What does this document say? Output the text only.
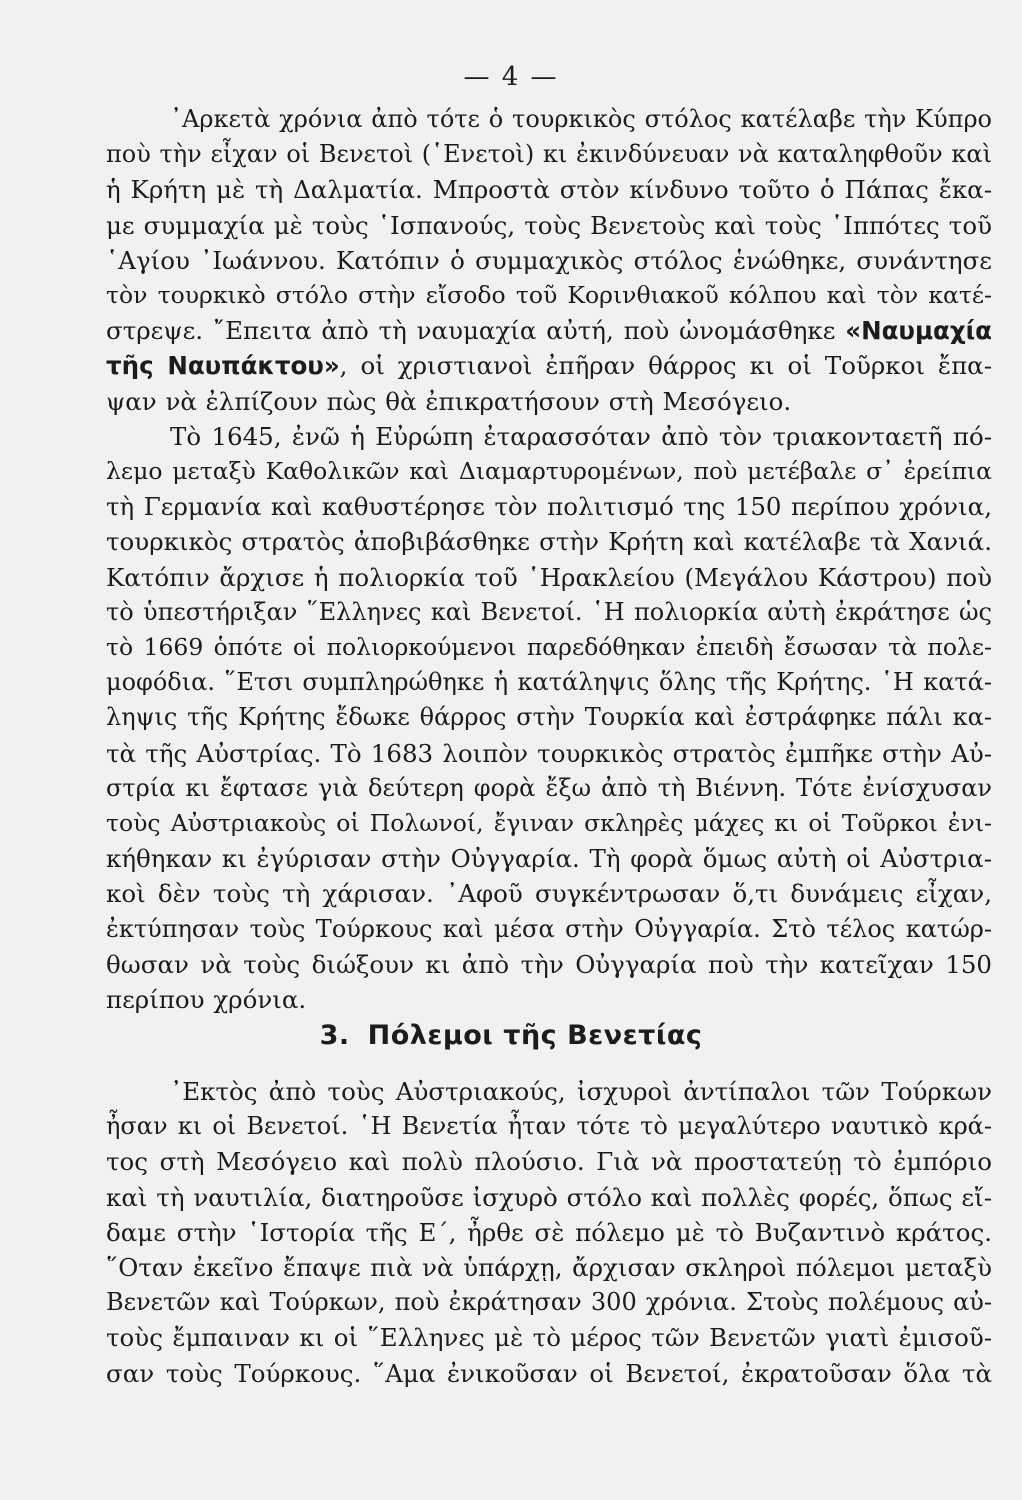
— 4 —
᾿Αρκετὰ χρόνια ἀπὸ τότε ὁ τουρκικὸς στόλος κατέλαβε τὴν Κύπρο
ποὺ τὴν εἶχαν οἱ Βενετοὶ (῾Ενετοὶ) κι ἐκινδύνευαν νὰ καταληφθοῦν καὶ
ἡ Κρήτη μὲ τὴ Δαλματία. Μπροστὰ στὸν κίνδυνο τοῦτο ὁ Πάπας ἔκα-
με συμμαχία μὲ τοὺς ῾Ισπανούς, τοὺς Βενετοὺς καὶ τοὺς ῾Ιππότες τοῦ
῾Αγίου ᾿Ιωάννου. Κατόπιν ὁ συμμαχικὸς στόλος ἑνώθηκε, συνάντησε
τὸν τουρκικὸ στόλο στὴν εἴσοδο τοῦ Κορινθιακοῦ κόλπου καὶ τὸν κατέ-
στρεψε. ῎Επειτα ἀπὸ τὴ ναυμαχία αὐτή, ποὺ ὠνομάσθηκε «Ναυμαχία
τῆς Ναυπάκτου», οἱ χριστιανοὶ ἐπῆραν θάρρος κι οἱ Τοῦρκοι ἔπα-
ψαν νὰ ἐλπίζουν πὼς θὰ ἐπικρατήσουν στὴ Μεσόγειο.
Τὸ 1645, ἐνῶ ἡ Εὐρώπη ἐταρασσόταν ἀπὸ τὸν τριακονταετῆ πό-
λεμο μεταξὺ Καθολικῶν καὶ Διαμαρτυρομένων, ποὺ μετέβαλε σ᾿ ἐρείπια
τὴ Γερμανία καὶ καθυστέρησε τὸν πολιτισμό της 150 περίπου χρόνια,
τουρκικὸς στρατὸς ἀποβιβάσθηκε στὴν Κρήτη καὶ κατέλαβε τὰ Χανιά.
Κατόπιν ἄρχισε ἡ πολιορκία τοῦ ῾Ηρακλείου (Μεγάλου Κάστρου) ποὺ
τὸ ὑπεστήριξαν ῞Ελληνες καὶ Βενετοί. ῾Η πολιορκία αὐτὴ ἐκράτησε ὡς
τὸ 1669 ὁπότε οἱ πολιορκούμενοι παρεδόθηκαν ἐπειδὴ ἔσωσαν τὰ πολε-
μοφόδια. ῞Ετσι συμπληρώθηκε ἡ κατάληψις ὅλης τῆς Κρήτης. ῾Η κατά-
ληψις τῆς Κρήτης ἔδωκε θάρρος στὴν Τουρκία καὶ ἐστράφηκε πάλι κα-
τὰ τῆς Αὐστρίας. Τὸ 1683 λοιπὸν τουρκικὸς στρατὸς ἐμπῆκε στὴν Αὐ-
στρία κι ἔφτασε γιὰ δεύτερη φορὰ ἔξω ἀπὸ τὴ Βιέννη. Τότε ἐνίσχυσαν
τοὺς Αὐστριακοὺς οἱ Πολωνοί, ἔγιναν σκληρὲς μάχες κι οἱ Τοῦρκοι ἐνι-
κήθηκαν κι ἐγύρισαν στὴν Οὐγγαρία. Τὴ φορὰ ὅμως αὐτὴ οἱ Αὐστρια-
κοὶ δὲν τοὺς τὴ χάρισαν. ᾿Αφοῦ συγκέντρωσαν ὅ,τι δυνάμεις εἶχαν,
ἐκτύπησαν τοὺς Τούρκους καὶ μέσα στὴν Οὐγγαρία. Στὸ τέλος κατώρ-
θωσαν νὰ τοὺς διώξουν κι ἀπὸ τὴν Οὐγγαρία ποὺ τὴν κατεῖχαν 150
περίπου χρόνια.
3. Πόλεμοι τῆς Βενετίας
᾿Εκτὸς ἀπὸ τοὺς Αὐστριακούς, ἰσχυροὶ ἀντίπαλοι τῶν Τούρκων
ἦσαν κι οἱ Βενετοί. ῾Η Βενετία ἦταν τότε τὸ μεγαλύτερο ναυτικὸ κρά-
τος στὴ Μεσόγειο καὶ πολὺ πλούσιο. Γιὰ νὰ προστατεύῃ τὸ ἐμπόριο
καὶ τὴ ναυτιλία, διατηροῦσε ἰσχυρὸ στόλο καὶ πολλὲς φορές, ὅπως εἴ-
δαμε στὴν ῾Ιστορία τῆς Ε΄, ἦρθε σὲ πόλεμο μὲ τὸ Βυζαντινὸ κράτος.
῞Οταν ἐκεῖνο ἔπαψε πιὰ νὰ ὑπάρχῃ, ἄρχισαν σκληροὶ πόλεμοι μεταξὺ
Βενετῶν καὶ Τούρκων, ποὺ ἐκράτησαν 300 χρόνια. Στοὺς πολέμους αὐ-
τοὺς ἔμπαιναν κι οἱ ῞Ελληνες μὲ τὸ μέρος τῶν Βενετῶν γιατὶ ἐμισοῦ-
σαν τοὺς Τούρκους. ῞Αμα ἐνικοῦσαν οἱ Βενετοί, ἐκρατοῦσαν ὅλα τὰ
